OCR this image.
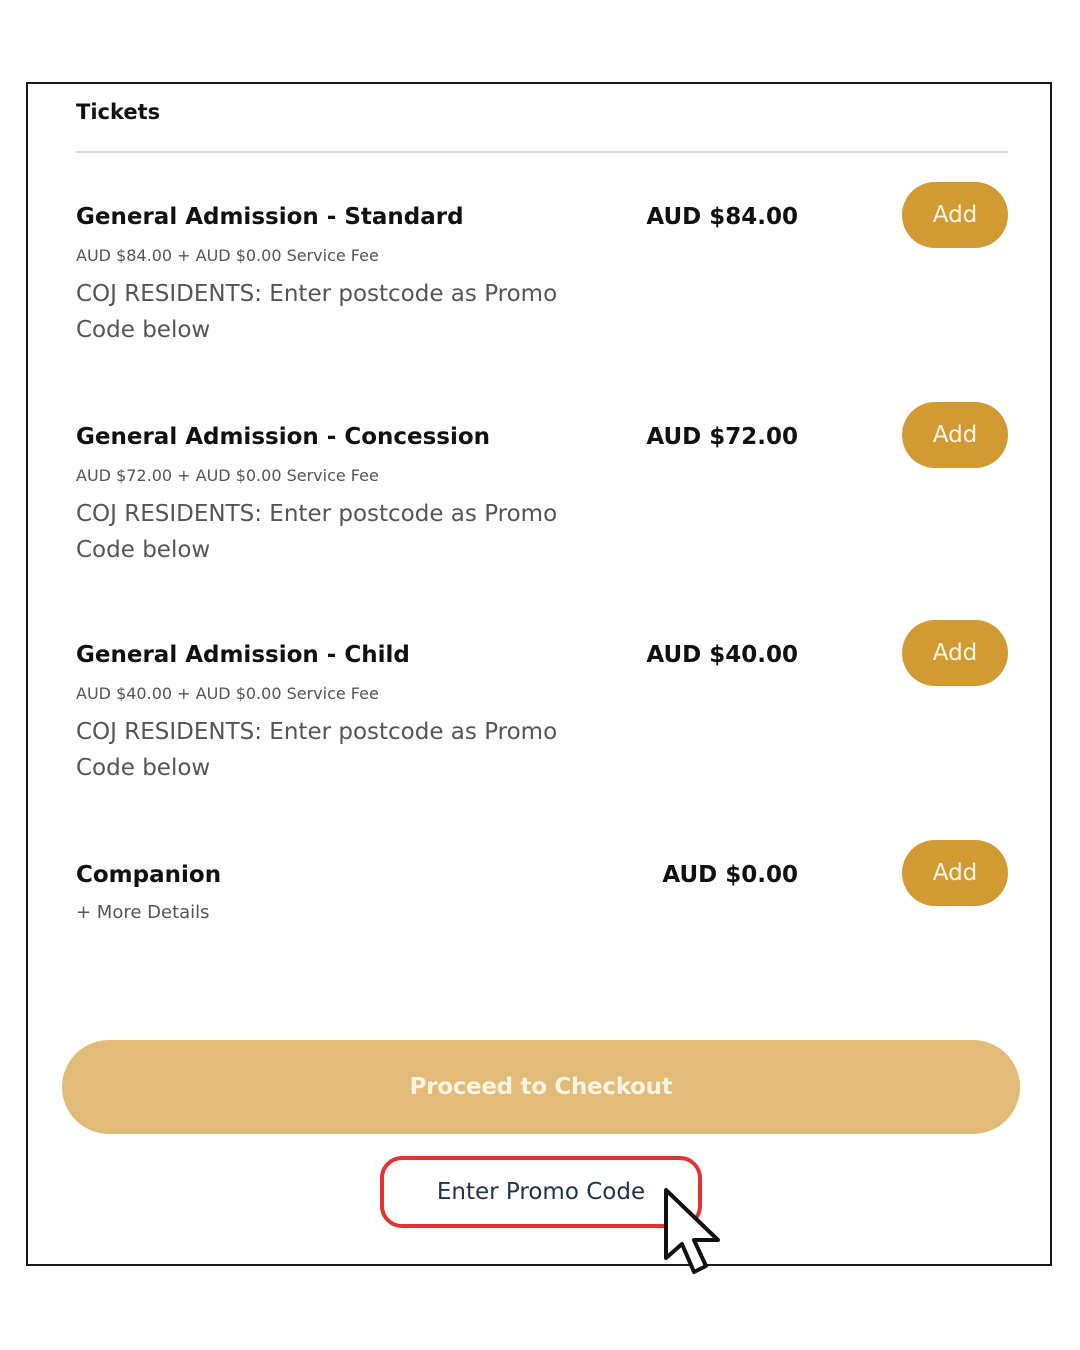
Tickets
General Admission - Standard	AUD $84.00
AUD $84.00 + AUD $0.00 Service Fee
COJ RESIDENTS: Enter postcode as Promo Code below
Add
General Admission - Concession	AUD $72.00
AUD $72.00 + AUD $0.00 Service Fee
COJ RESIDENTS: Enter postcode as Promo Code below
Add
General Admission - Child	AUD $40.00
AUD $40.00 + AUD $0.00 Service Fee
COJ RESIDENTS: Enter postcode as Promo Code below
Add
Companion	AUD $0.00
+ More Details
Add
Proceed to Checkout
Enter Promo Code
